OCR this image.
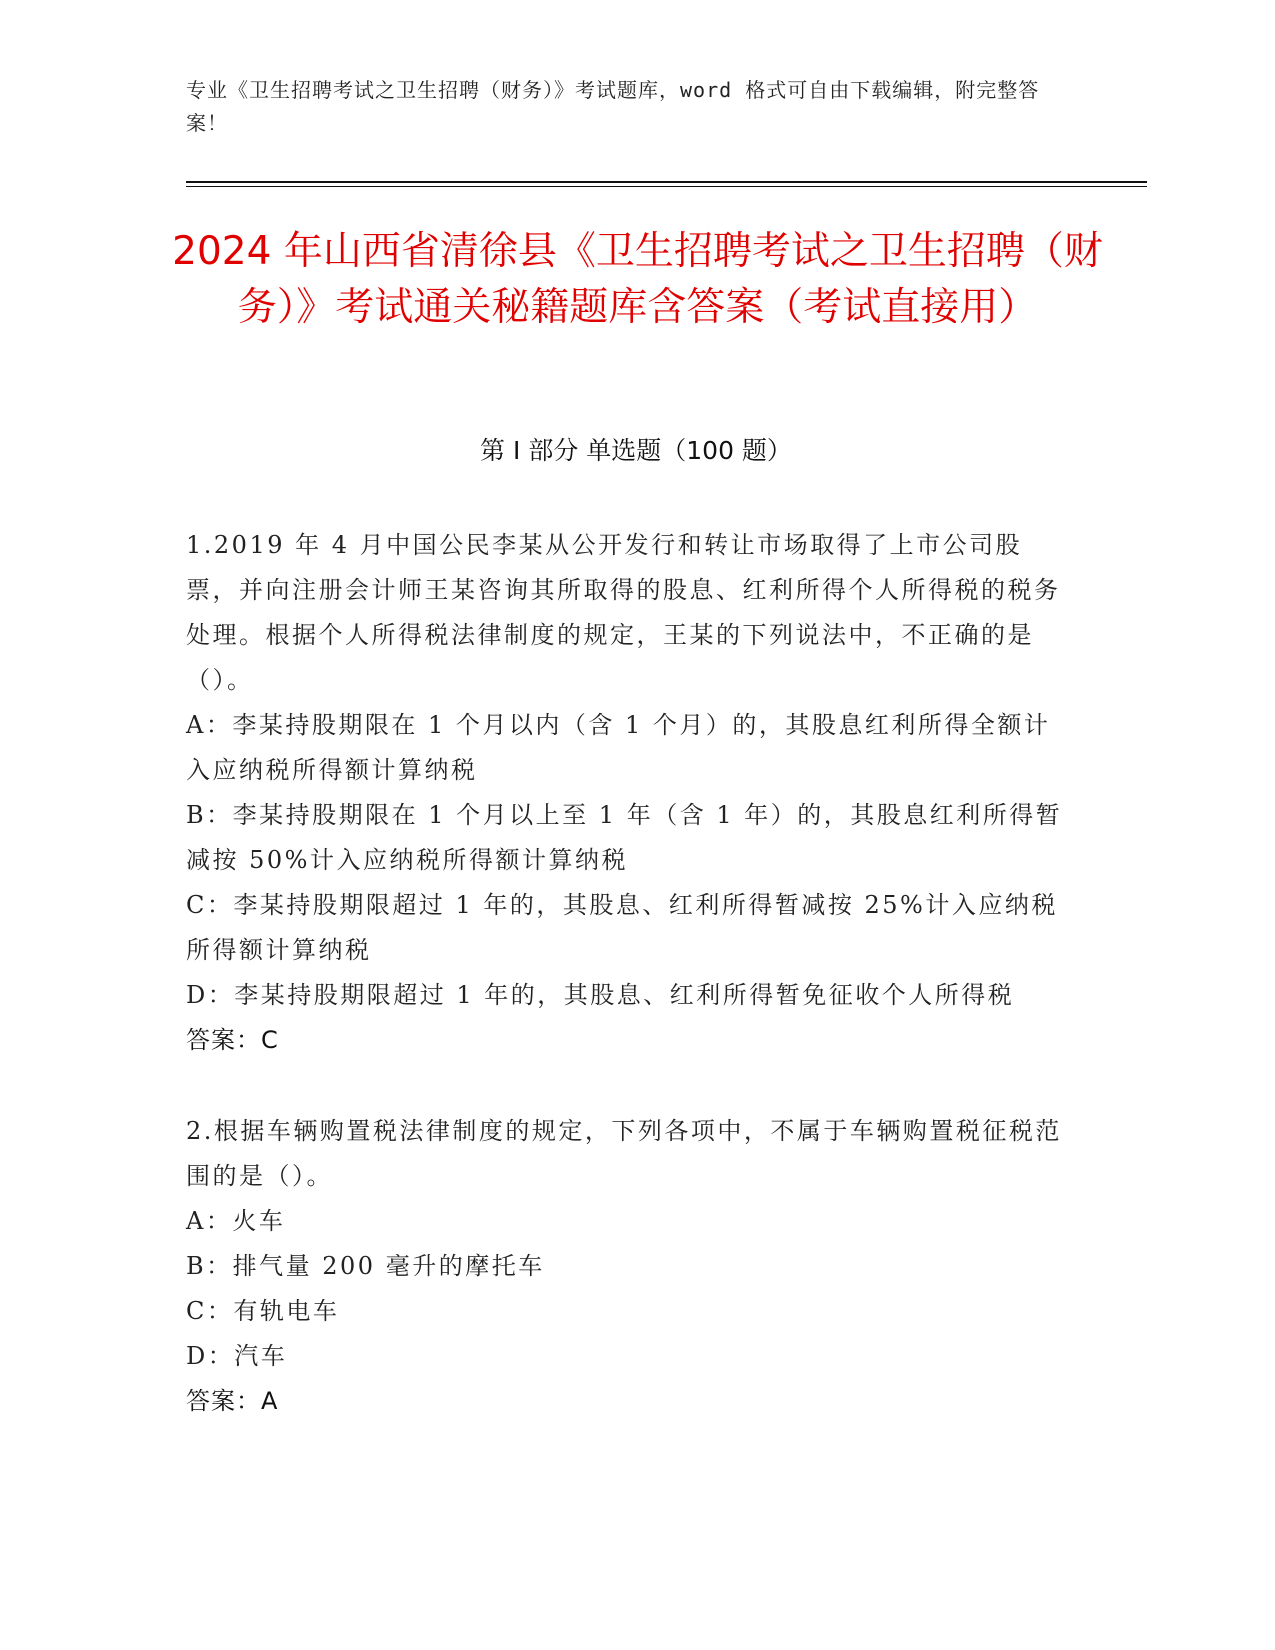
专业《卫生招聘考试之卫生招聘（财务）》考试题库，word 格式可自由下载编辑，附完整答案！
2024 年山西省清徐县《卫生招聘考试之卫生招聘（财务）》考试通关秘籍题库含答案（考试直接用）
第 I 部分 单选题（100 题）

1.2019 年 4 月中国公民李某从公开发行和转让市场取得了上市公司股票，并向注册会计师王某咨询其所取得的股息、红利所得个人所得税的税务处理。根据个人所得税法律制度的规定，王某的下列说法中，不正确的是（）。

A：李某持股期限在 1 个月以内（含 1 个月）的，其股息红利所得全额计入应纳税所得额计算纳税

B：李某持股期限在 1 个月以上至 1 年（含 1 年）的，其股息红利所得暂减按 50%计入应纳税所得额计算纳税

C：李某持股期限超过 1 年的，其股息、红利所得暂减按 25%计入应纳税所得额计算纳税

D：李某持股期限超过 1 年的，其股息、红利所得暂免征收个人所得税

答案：C

2.根据车辆购置税法律制度的规定，下列各项中，不属于车辆购置税征税范围的是（）。

A：火车

B：排气量 200 毫升的摩托车

C：有轨电车

D：汽车

答案：A
